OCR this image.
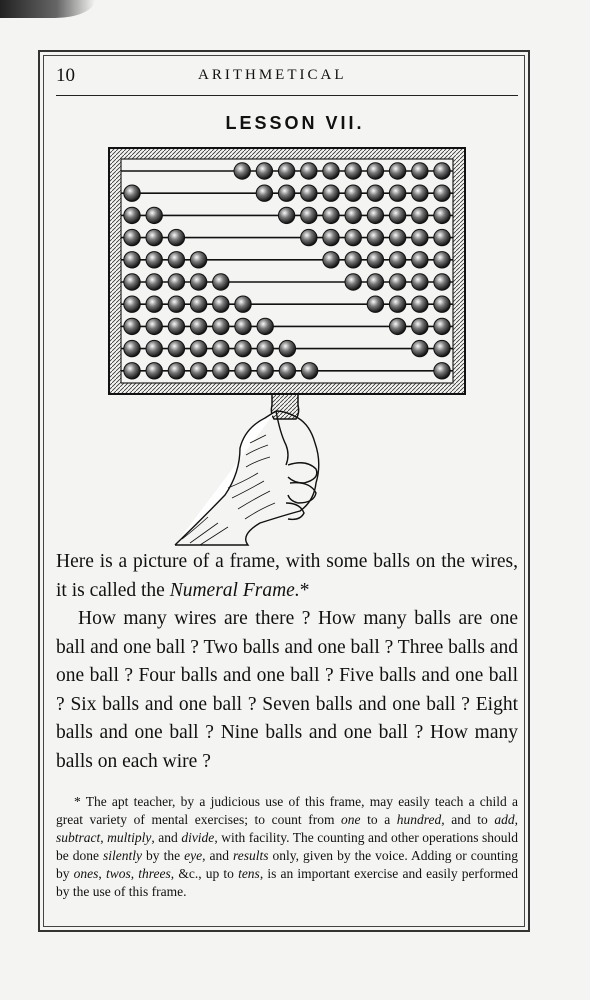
10	ARITHMETICAL
LESSON VII.

Here is a picture of a frame, with some balls on the wires, it is called the Numeral Frame.*

How many wires are there ? How many balls are one ball and one ball ? Two balls and one ball ? Three balls and one ball ? Four balls and one ball ? Five balls and one ball ? Six balls and one ball ? Seven balls and one ball ? Eight balls and one ball ? Nine balls and one ball ? How many balls on each wire ?

* The apt teacher, by a judicious use of this frame, may easily teach a child a great variety of mental exercises; to count from one to a hundred, and to add, subtract, multiply, and divide, with facility. The counting and other operations should be done silently by the eye, and results only, given by the voice. Adding or counting by ones, twos, threes, &c., up to tens, is an important exercise and easily performed by the use of this frame.
